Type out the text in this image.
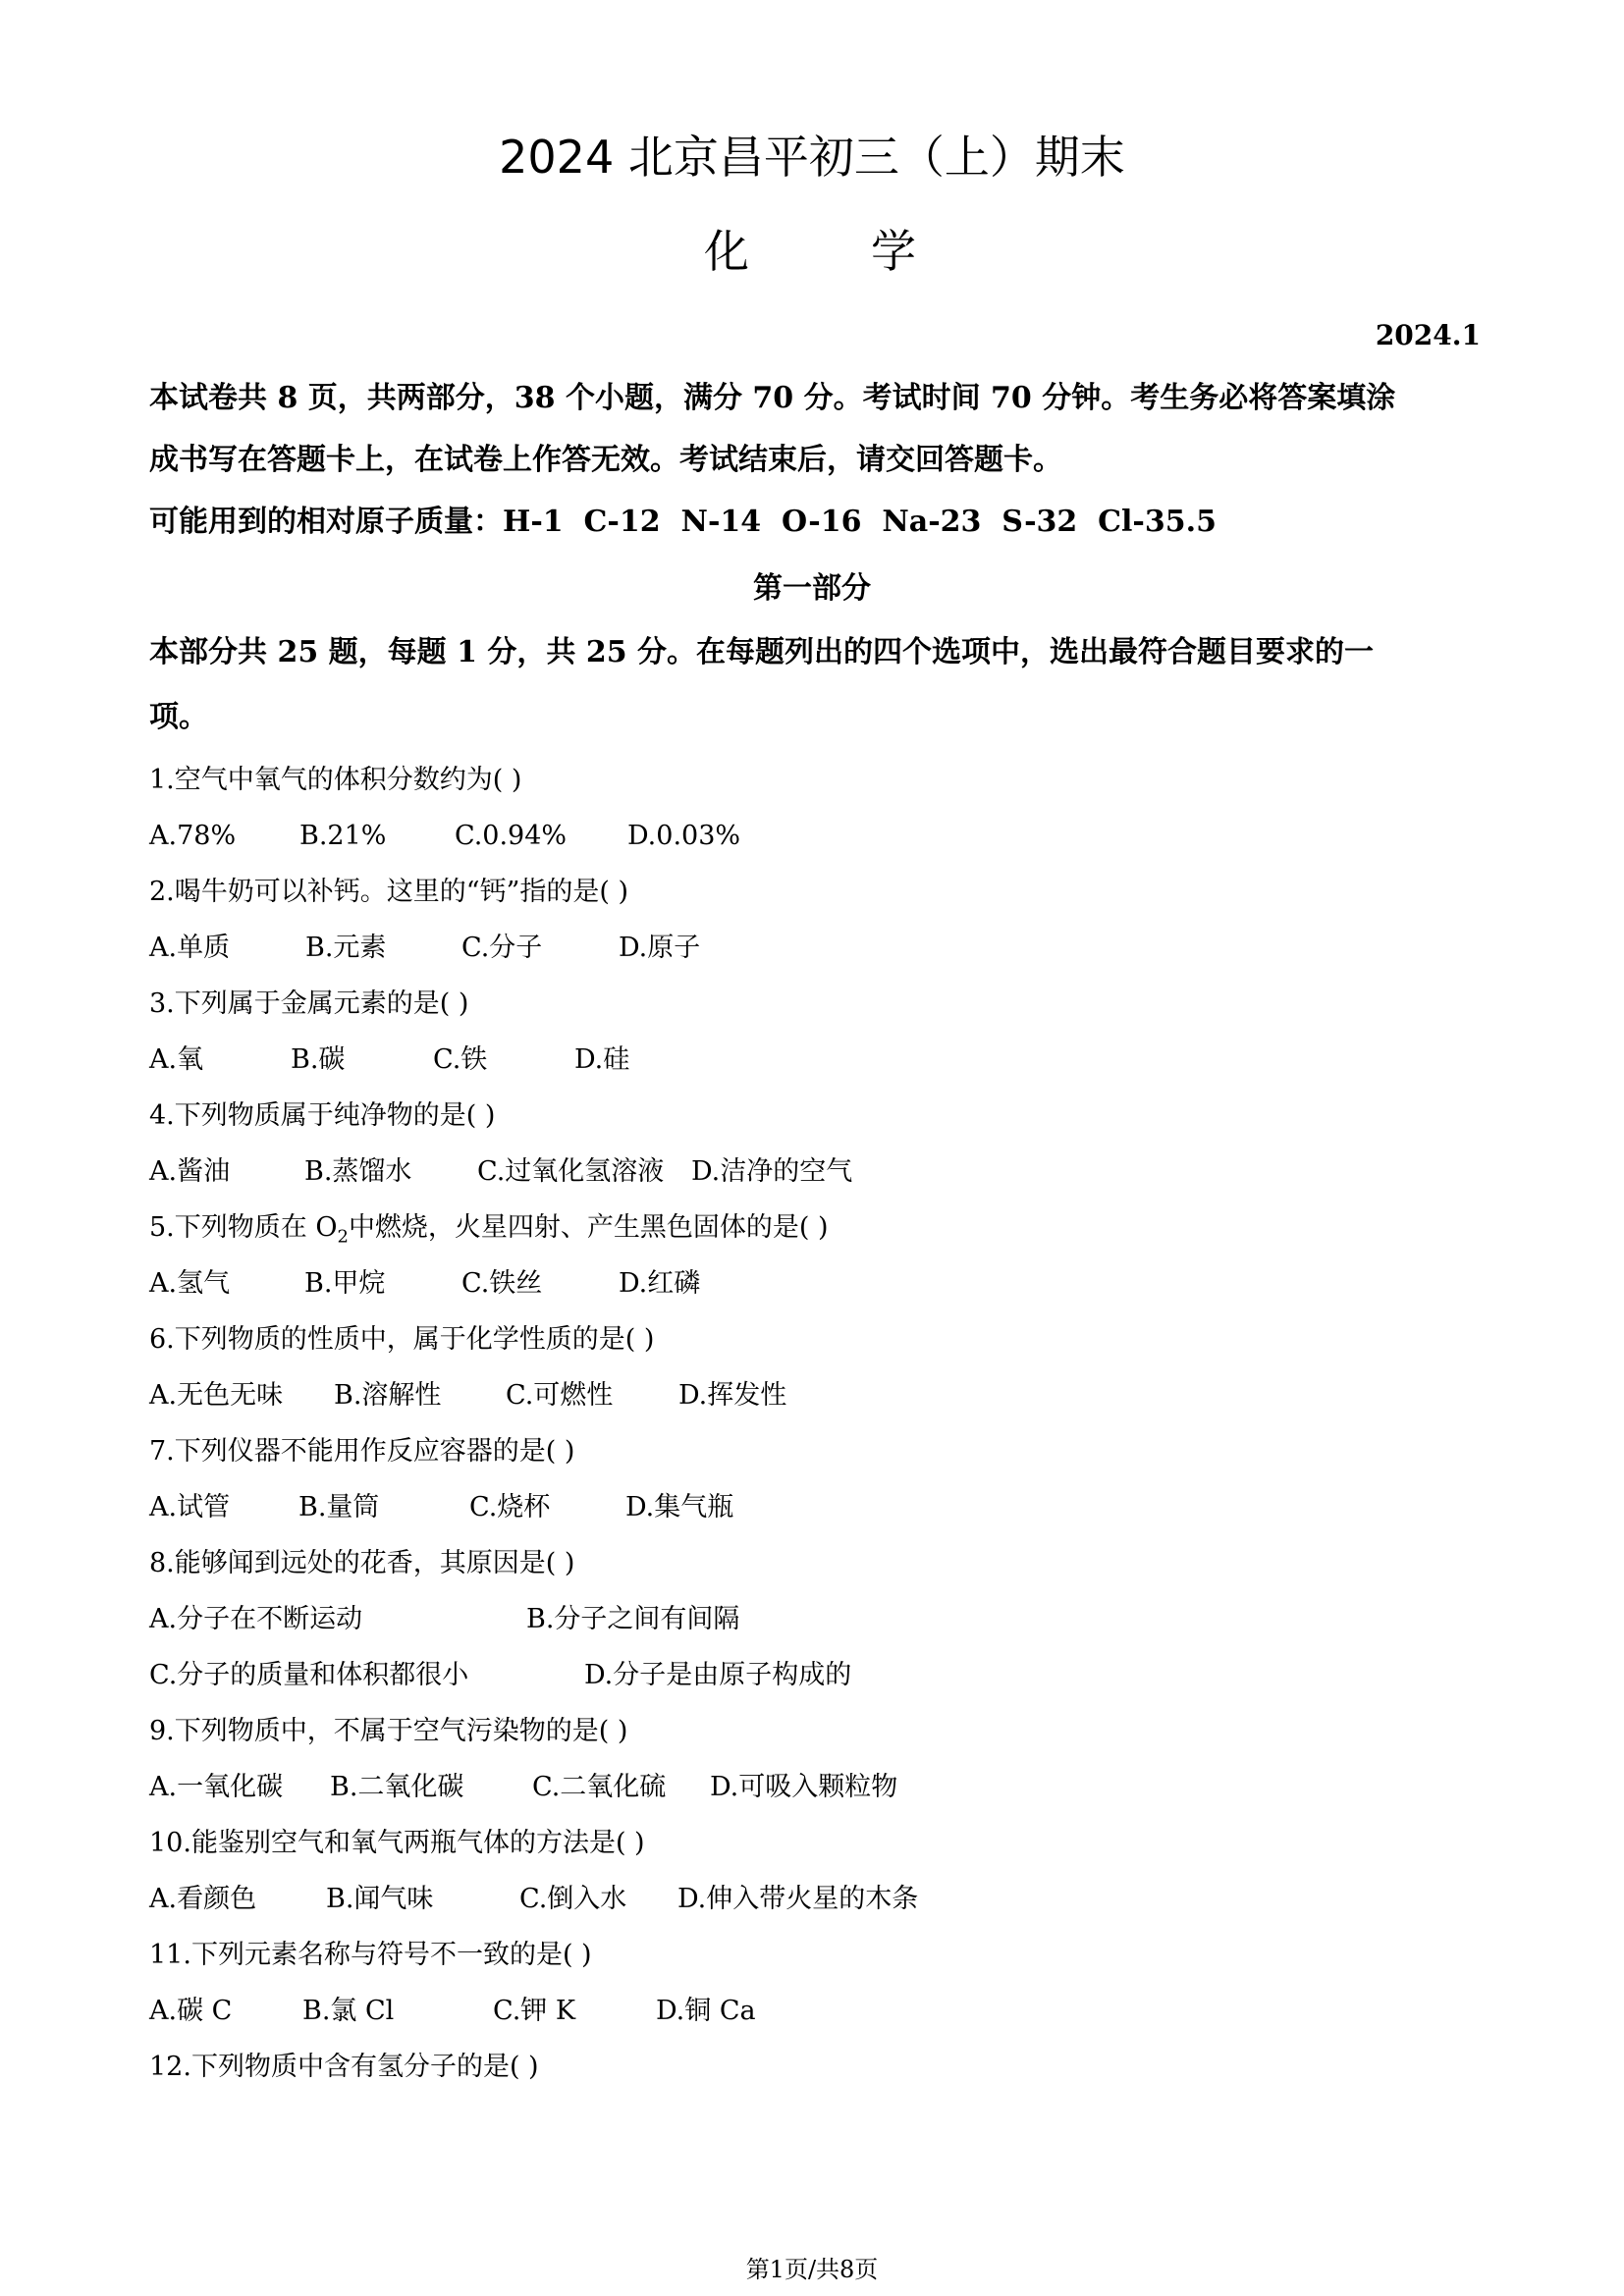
2024 北京昌平初三（上）期末
化	学
2024.1
本试卷共 8 页，共两部分，38 个小题，满分 70 分。考试时间 70 分钟。考生务必将答案填涂
成书写在答题卡上，在试卷上作答无效。考试结束后，请交回答题卡。
可能用到的相对原子质量：H-1  C-12  N-14  O-16  Na-23  S-32  Cl-35.5
第一部分
本部分共 25 题，每题 1 分，共 25 分。在每题列出的四个选项中，选出最符合题目要求的一
项。
1.空气中氧气的体积分数约为( )
A.78% B.21%	C.0.94% D.0.03%
2.喝牛奶可以补钙。这里的“钙”指的是( )
A.单质	B.元素	C.分子	D.原子
3.下列属于金属元素的是( )
A.氧	B.碳	C.铁	D.硅
4.下列物质属于纯净物的是( )
A.酱油	B.蒸馏水 C.过氧化氢溶液 D.洁净的空气
5.下列物质在 $O_2$中燃烧，火星四射、产生黑色固体的是( )
A.氢气	B.甲烷	C.铁丝	D.红磷
6.下列物质的性质中，属于化学性质的是( )
A.无色无味 B.溶解性 C.可燃性 D.挥发性
7.下列仪器不能用作反应容器的是( )
A.试管	B.量筒	C.烧杯	D.集气瓶
8.能够闻到远处的花香，其原因是( )
A.分子在不断运动	B.分子之间有间隔
C.分子的质量和体积都很小	D.分子是由原子构成的
9.下列物质中，不属于空气污染物的是( )
A.一氧化碳 B.二氧化碳	C.二氧化硫 D.可吸入颗粒物
10.能鉴别空气和氧气两瓶气体的方法是( )
A.看颜色	B.闻气味	C.倒入水 D.伸入带火星的木条
11.下列元素名称与符号不一致的是( )
A.碳 C	B.氯 Cl	C.钾 K	D.铜 Ca
12.下列物质中含有氢分子的是( )
第1页/共8页
